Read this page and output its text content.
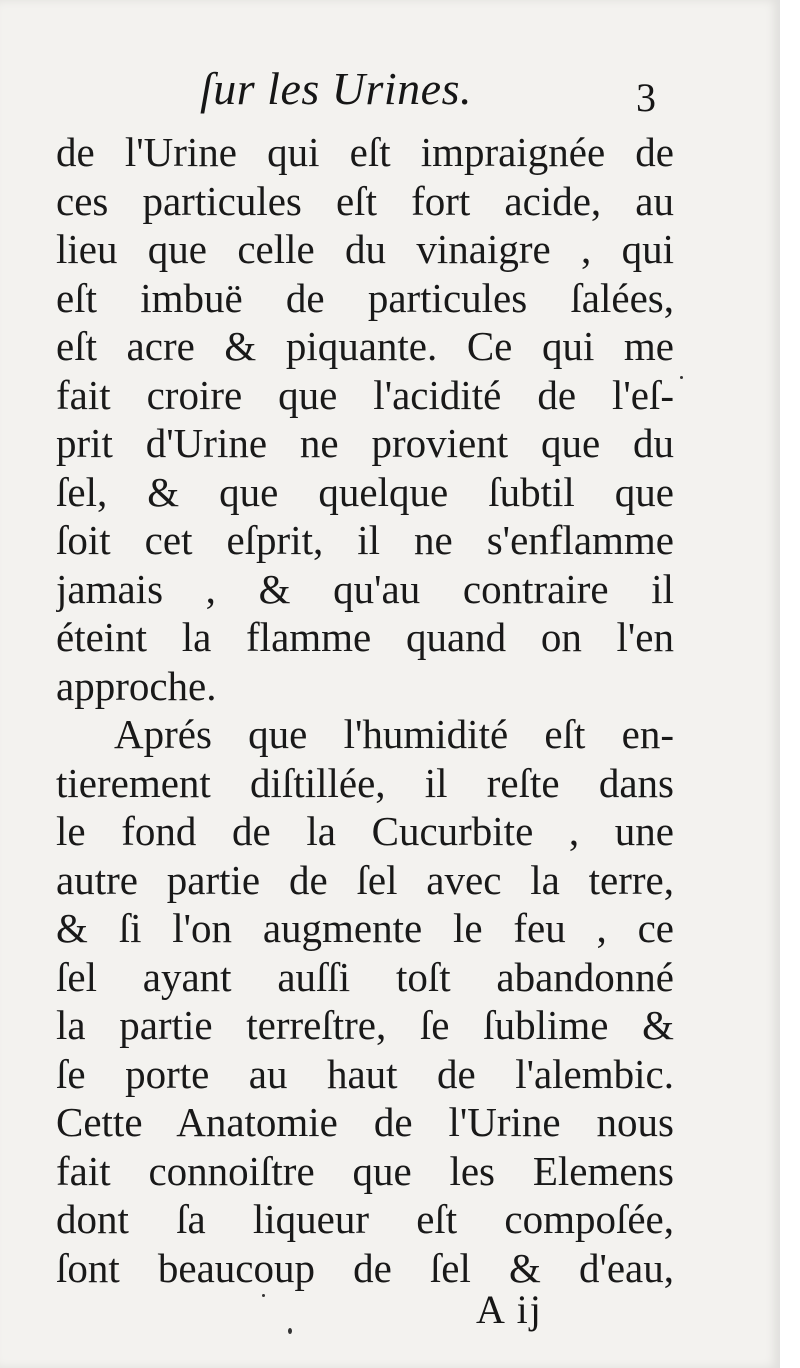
ſur les Urines.	3
de l'Urine qui eſt impraignée de
ces particules eſt fort acide, au
lieu que celle du vinaigre , qui
eſt imbuë de particules ſalées,
eſt acre & piquante. Ce qui me
fait croire que l'acidité de l'eſ-
prit d'Urine ne provient que du
ſel, & que quelque ſubtil que
ſoit cet eſprit, il ne s'enflamme
jamais , & qu'au contraire il
éteint la flamme quand on l'en
approche.
Aprés que l'humidité eſt en-
tierement diſtillée, il reſte dans
le fond de la Cucurbite , une
autre partie de ſel avec la terre,
& ſi l'on augmente le feu , ce
ſel ayant auſſi toſt abandonné
la partie terreſtre, ſe ſublime &
ſe porte au haut de l'alembic.
Cette Anatomie de l'Urine nous
fait connoiſtre que les Elemens
dont ſa liqueur eſt compoſée,
ſont beaucoup de ſel & d'eau,
A ij
